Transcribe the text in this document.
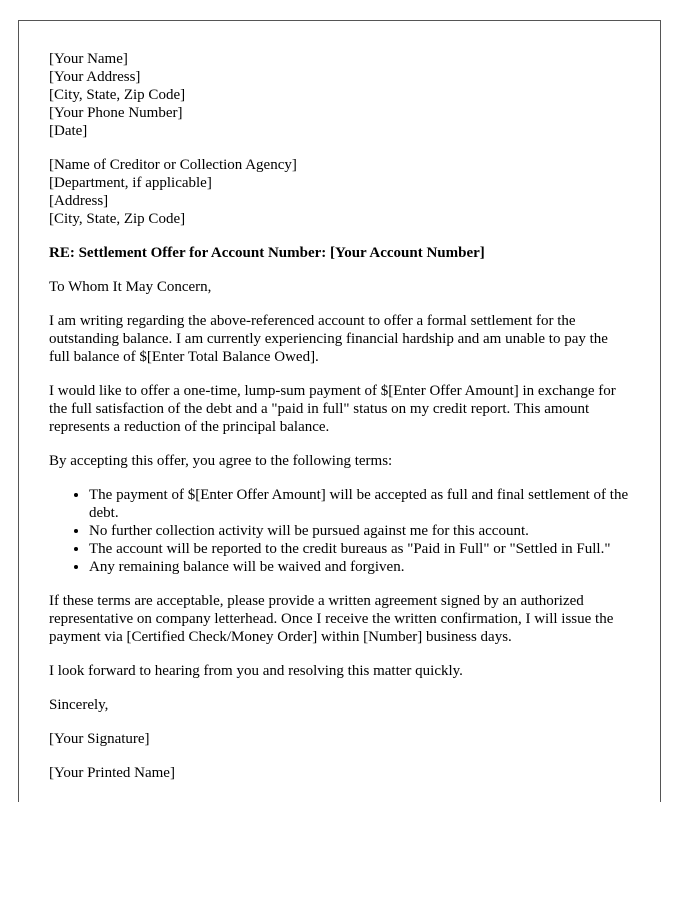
[Your Name]
[Your Address]
[City, State, Zip Code]
[Your Phone Number]
[Date]
[Name of Creditor or Collection Agency]
[Department, if applicable]
[Address]
[City, State, Zip Code]

RE: Settlement Offer for Account Number: [Your Account Number]

To Whom It May Concern,

I am writing regarding the above-referenced account to offer a formal settlement for the outstanding balance. I am currently experiencing financial hardship and am unable to pay the full balance of $[Enter Total Balance Owed].

I would like to offer a one-time, lump-sum payment of $[Enter Offer Amount] in exchange for the full satisfaction of the debt and a "paid in full" status on my credit report. This amount represents a reduction of the principal balance.

By accepting this offer, you agree to the following terms:

• The payment of $[Enter Offer Amount] will be accepted as full and final settlement of the debt.
• No further collection activity will be pursued against me for this account.
• The account will be reported to the credit bureaus as "Paid in Full" or "Settled in Full."
• Any remaining balance will be waived and forgiven.

If these terms are acceptable, please provide a written agreement signed by an authorized representative on company letterhead. Once I receive the written confirmation, I will issue the payment via [Certified Check/Money Order] within [Number] business days.

I look forward to hearing from you and resolving this matter quickly.

Sincerely,

[Your Signature]

[Your Printed Name]
